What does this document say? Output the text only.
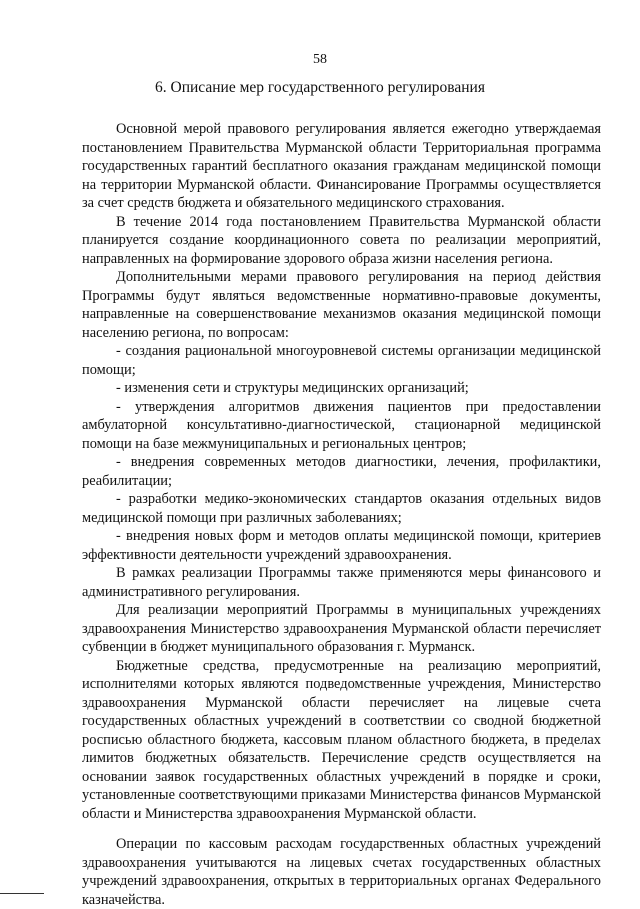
58
6. Описание мер государственного регулирования

Основной мерой правового регулирования является ежегодно утверждаемая постановлением Правительства Мурманской области Территориальная программа государственных гарантий бесплатного оказания гражданам медицинской помощи на территории Мурманской области. Финансирование Программы осуществляется за счет средств бюджета и обязательного медицинского страхования.

В течение 2014 года постановлением Правительства Мурманской области планируется создание координационного совета по реализации мероприятий, направленных на формирование здорового образа жизни населения региона.

Дополнительными мерами правового регулирования на период действия Программы будут являться ведомственные нормативно-правовые документы, направленные на совершенствование механизмов оказания медицинской помощи населению региона, по вопросам:

- создания рациональной многоуровневой системы организации медицинской помощи;

- изменения сети и структуры медицинских организаций;

- утверждения алгоритмов движения пациентов при предоставлении амбулаторной консультативно-диагностической, стационарной медицинской помощи на базе межмуниципальных и региональных центров;

- внедрения современных методов диагностики, лечения, профилактики, реабилитации;

- разработки медико-экономических стандартов оказания отдельных видов медицинской помощи при различных заболеваниях;

- внедрения новых форм и методов оплаты медицинской помощи, критериев эффективности деятельности учреждений здравоохранения.

В рамках реализации Программы также применяются меры финансового и административного регулирования.

Для реализации мероприятий Программы в муниципальных учреждениях здравоохранения Министерство здравоохранения Мурманской области перечисляет субвенции в бюджет муниципального образования г. Мурманск.

Бюджетные средства, предусмотренные на реализацию мероприятий, исполнителями которых являются подведомственные учреждения, Министерство здравоохранения Мурманской области перечисляет на лицевые счета государственных областных учреждений в соответствии со сводной бюджетной росписью областного бюджета, кассовым планом областного бюджета, в пределах лимитов бюджетных обязательств. Перечисление средств осуществляется на основании заявок государственных областных учреждений в порядке и сроки, установленные соответствующими приказами Министерства финансов Мурманской области и Министерства здравоохранения Мурманской области.

Операции по кассовым расходам государственных областных учреждений здравоохранения учитываются на лицевых счетах государственных областных учреждений здравоохранения, открытых в территориальных органах Федерального казначейства.
